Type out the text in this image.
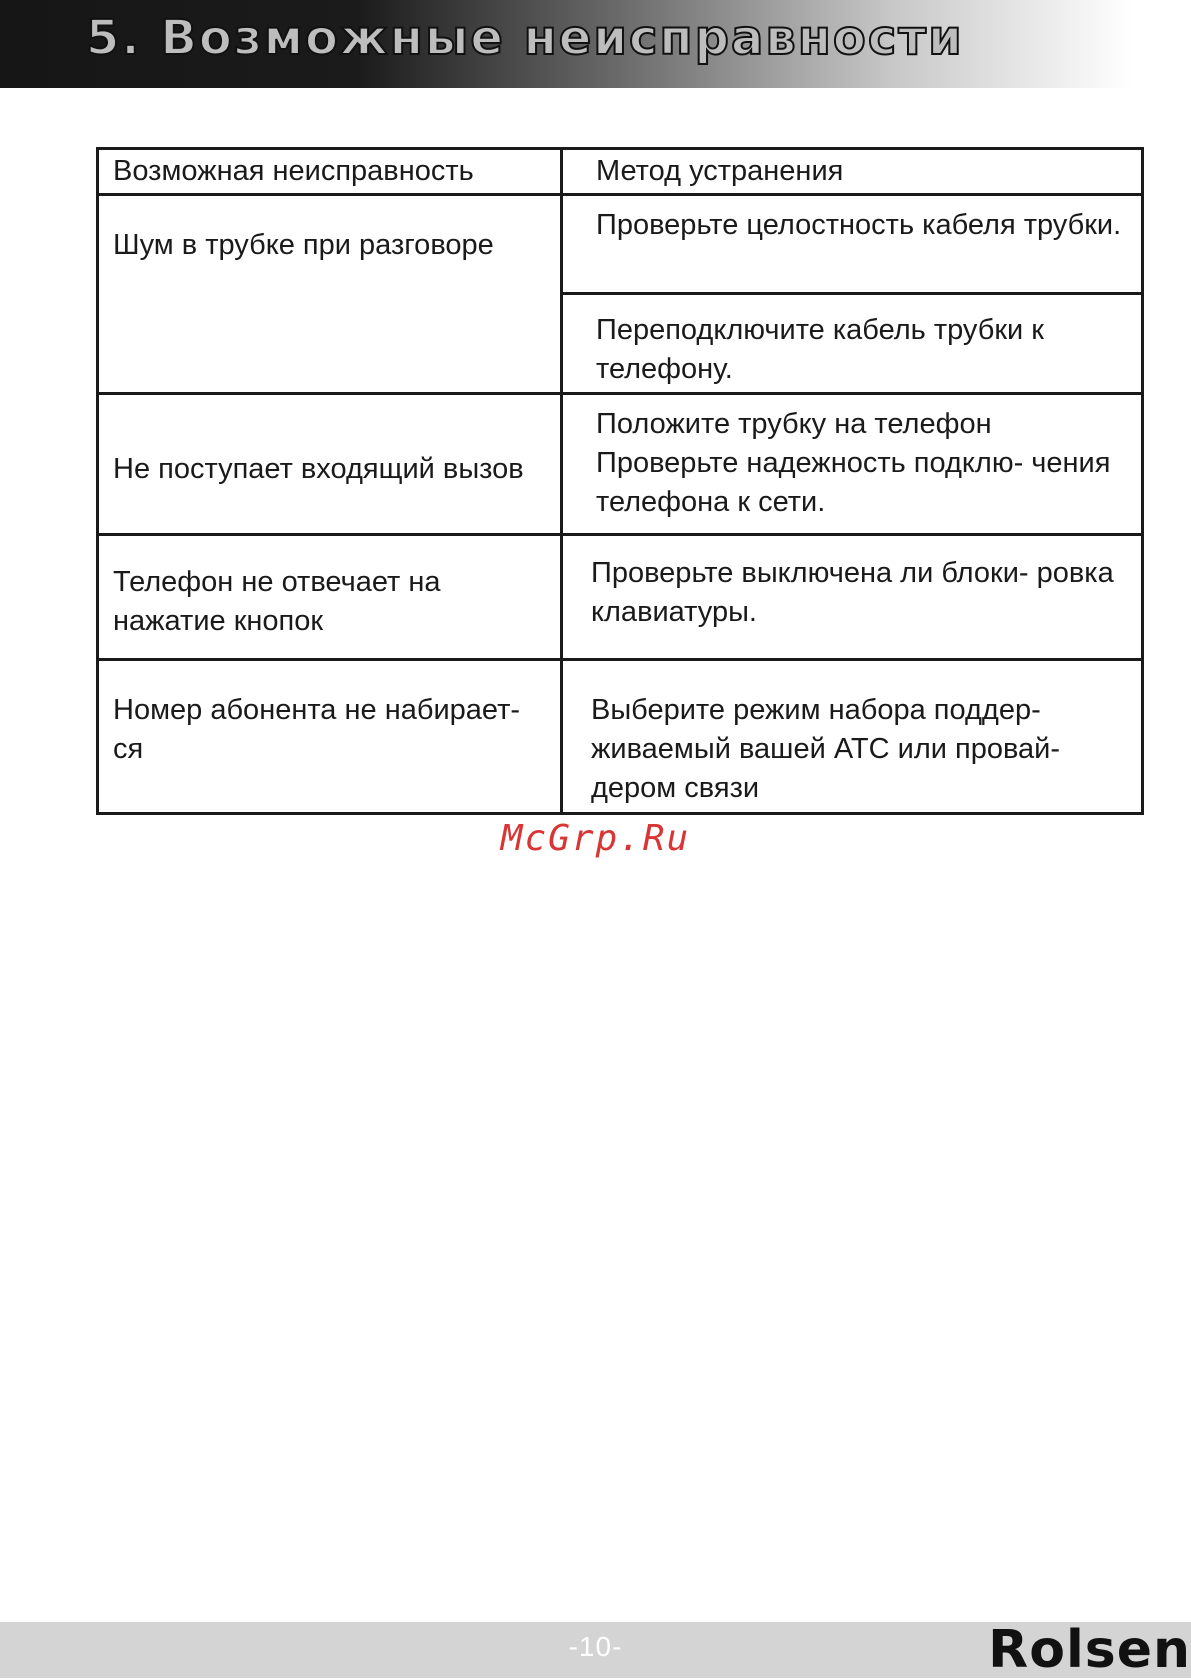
5. Возможные неисправности
Возможная неисправность	Метод устранения
Шум в трубке при разговоре	Проверьте целостность кабеля трубки.
	Переподключите кабель трубки к телефону.
Не поступает входящий вызов	Положите трубку на телефон Проверьте надежность подклю- чения телефона к сети.
Телефон не отвечает на нажатие кнопок	Проверьте выключена ли блоки- ровка клавиатуры.
Номер абонента не набирает- ся	Выберите режим набора поддер- живаемый вашей АТС или провай- дером связи
McGrp.Ru
-10-	Rolsen
